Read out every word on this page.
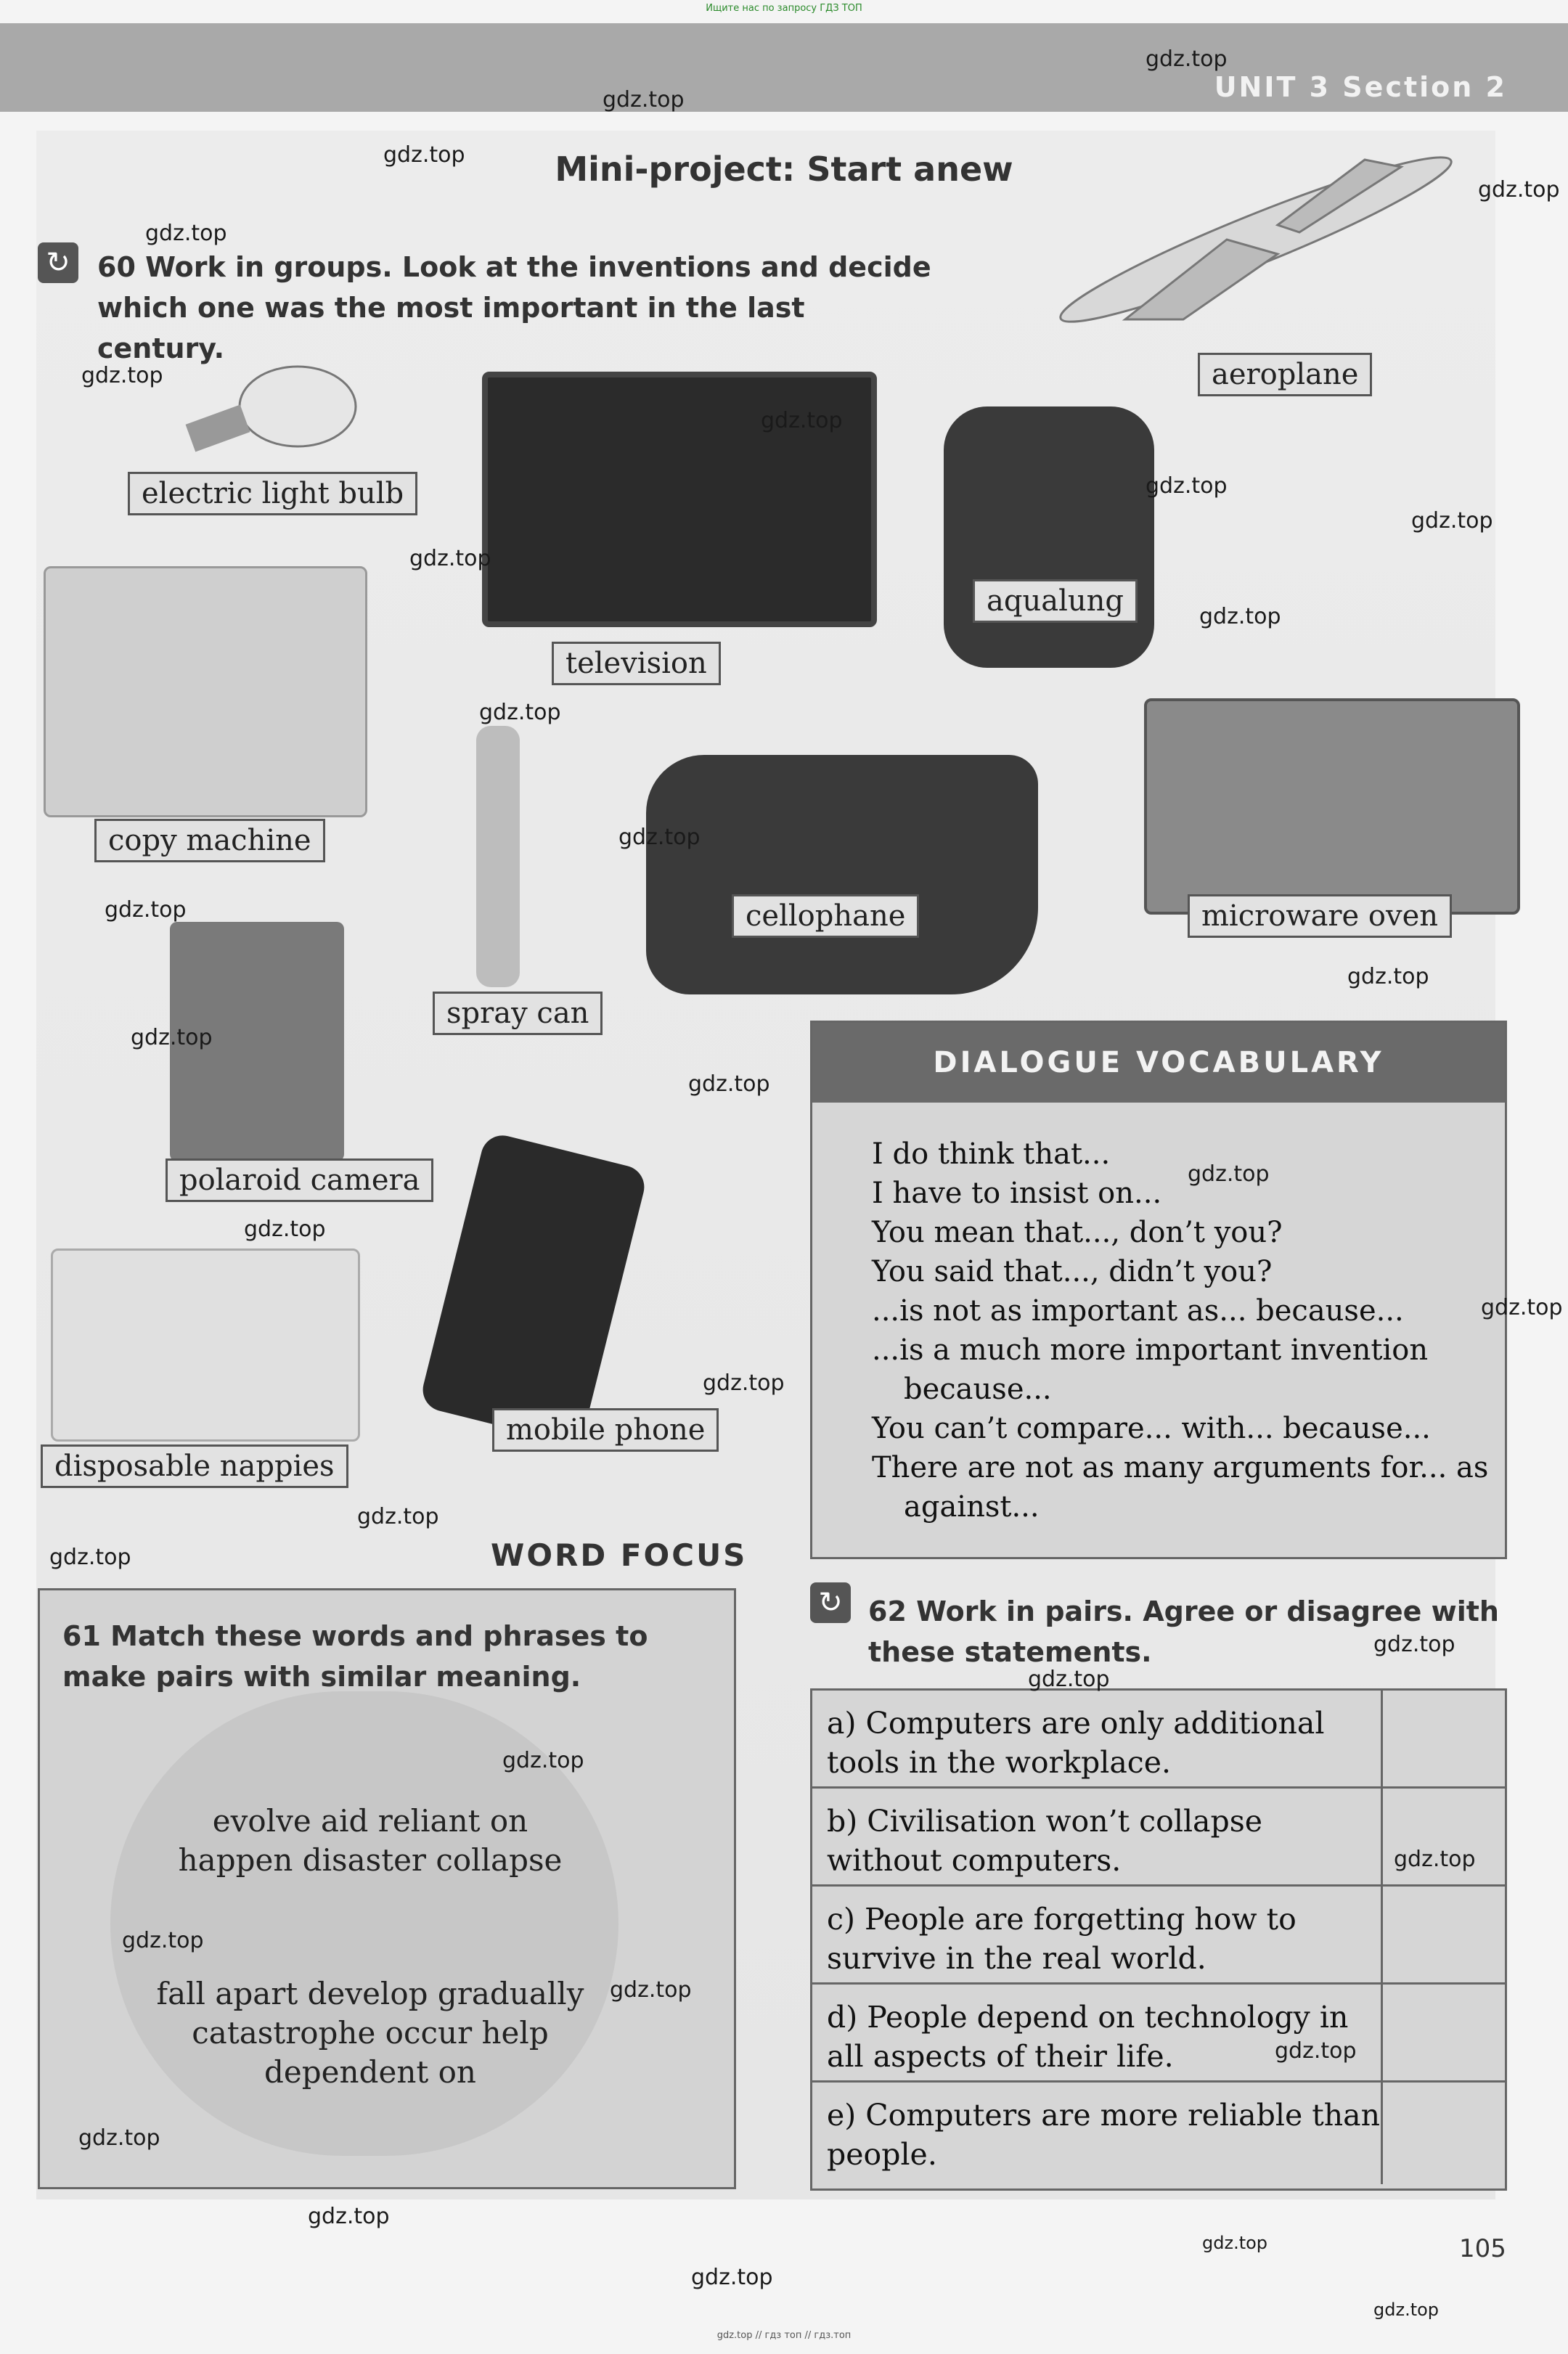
Ищите нас по запросу ГДЗ ТОП
UNIT 3 Section 2
Mini-project: Start anew
↻ 60 Work in groups. Look at the inventions and decide which one was the most important in the last century.
aeroplane
electric light bulb
television
aqualung
copy machine
spray can
cellophane	microware oven
polaroid camera
mobile phone
disposable nappies
DIALOGUE VOCABULARY
I do think that...
I have to insist on...
You mean that..., don’t you?
You said that..., didn’t you?
...is not as important as... because...
...is a much more important invention
because...
You can’t compare... with... because...
There are not as many arguments for... as
against...
WORD FOCUS
61 Match these words and phrases to make pairs with similar meaning.
evolve aid reliant on
happen disaster collapse
fall apart develop gradually
catastrophe occur help
dependent on
↻ 62 Work in pairs. Agree or disagree with these statements.
a) Computers are only additional tools in the workplace.
b) Civilisation won’t collapse without computers.
c) People are forgetting how to survive in the real world.
d) People depend on technology in all aspects of their life.
e) Computers are more reliable than people.
gdz.top
gdz.top
gdz.top
gdz.top
gdz.top
gdz.top
gdz.top
gdz.top
gdz.top
gdz.top
gdz.top
gdz.top
gdz.top
gdz.top
gdz.top
gdz.top
gdz.top
gdz.top
gdz.top
gdz.top
gdz.top
gdz.top
gdz.top
gdz.top
gdz.top
gdz.top
gdz.top
gdz.top
gdz.top
gdz.top
gdz.top
gdz.top
gdz.top
gdz.top
gdz.top
105
gdz.top // гдз топ // гдз.топ
